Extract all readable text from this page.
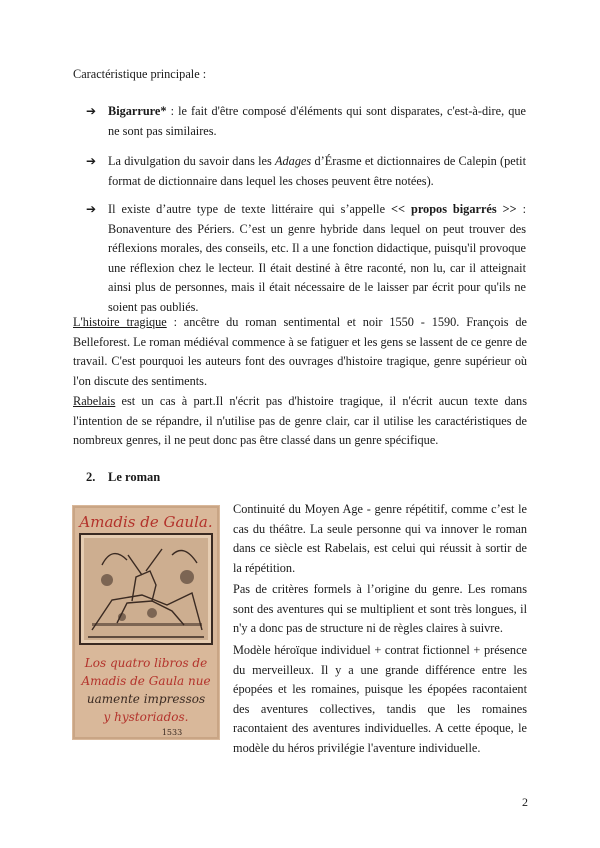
Caractéristique principale :

➔ Bigarrure* : le fait d'être composé d'éléments qui sont disparates, c'est-à-dire, que ne sont pas similaires.

➔ La divulgation du savoir dans les Adages d’Érasme et dictionnaires de Calepin (petit format de dictionnaire dans lequel les choses peuvent être notées).

➔ Il existe d’autre type de texte littéraire qui s’appelle << propos bigarrés >> : Bonaventure des Périers. C’est un genre hybride dans lequel on peut trouver des réflexions morales, des conseils, etc. Il a une fonction didactique, puisqu'il provoque une réflexion chez le lecteur. Il était destiné à être raconté, non lu, car il atteignait ainsi plus de personnes, mais il était nécessaire de le laisser par écrit pour qu'ils ne soient pas oubliés.

L'histoire tragique : ancêtre du roman sentimental et noir 1550 - 1590. François de Belleforest. Le roman médiéval commence à se fatiguer et les gens se lassent de ce genre de travail. C'est pourquoi les auteurs font des ouvrages d'histoire tragique, genre supérieur où l'on discute des sentiments.

Rabelais est un cas à part.Il n'écrit pas d'histoire tragique, il n'écrit aucun texte dans l'intention de se répandre, il n'utilise pas de genre clair, car il utilise les caractéristiques de nombreux genres, il ne peut donc pas être classé dans un genre spécifique.

2. Le roman
Amadis de Gaula.
Los quatro libros de
Amadis de Gaula nue
uamente impressos
y hystoriados.
1533

Continuité du Moyen Age - genre répétitif, comme c’est le cas du théâtre. La seule personne qui va innover le roman dans ce siècle est Rabelais, est celui qui réussit à sortir de la répétition.

Pas de critères formels à l’origine du genre. Les romans sont des aventures qui se multiplient et sont très longues, il n'y a donc pas de structure ni de règles claires à suivre.

Modèle héroïque individuel + contrat fictionnel + présence du merveilleux. Il y a une grande différence entre les épopées et les romaines, puisque les épopées racontaient des aventures collectives, tandis que les romaines racontaient des aventures individuelles. A cette époque, le modèle du héros privilégie l'aventure individuelle.

2
